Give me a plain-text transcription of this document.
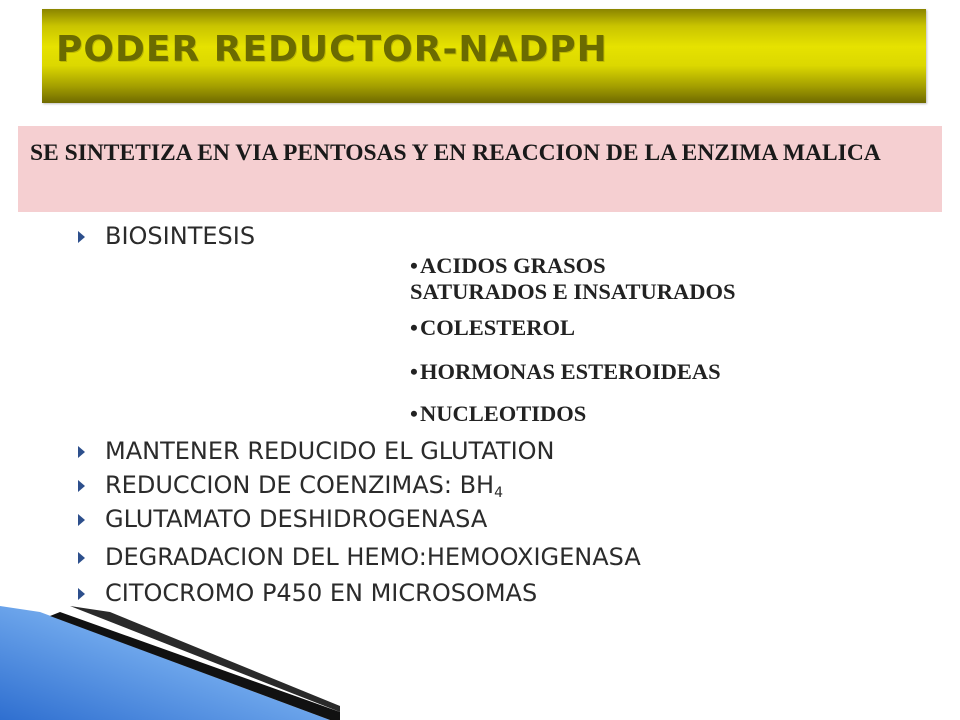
PODER REDUCTOR-NADPH
SE SINTETIZA EN VIA PENTOSAS Y EN REACCION DE LA ENZIMA MALICA
BIOSINTESIS
•ACIDOS GRASOS
SATURADOS E INSATURADOS
•COLESTEROL
•HORMONAS ESTEROIDEAS
•NUCLEOTIDOS
MANTENER REDUCIDO EL GLUTATION
REDUCCION DE COENZIMAS: $BH_4$
GLUTAMATO DESHIDROGENASA
DEGRADACION DEL HEMO:HEMOOXIGENASA
CITOCROMO P450 EN MICROSOMAS
